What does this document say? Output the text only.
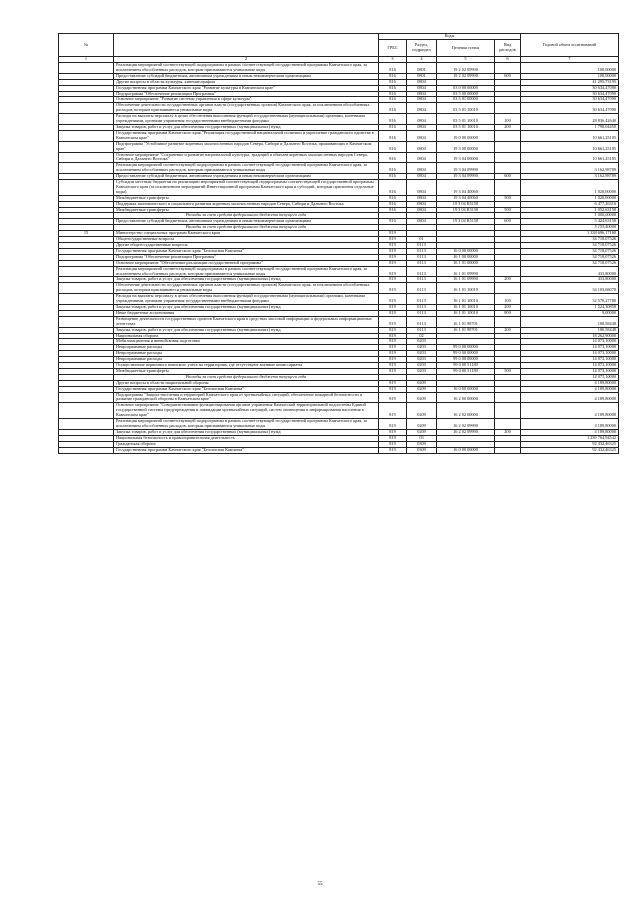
№		Коды				Годовой объем ассигнований
		ГРБС	Раздел, подраздел	Целевая статья	Вид расходов	
1	2	3	4	5	6	7
	Реализация мероприятий соответствующей подпрограммы в рамках соответствующей государственной программы Камчатского края, за исключением обособленных расходов, которым присваиваются уникальные коды	816	0801	19 2 02 09990		100,00000
	Предоставление субсидий бюджетным, автономным учреждениям и иным некоммерческим организациям	816	0801	19 2 02 09990	600	100,00000
	Другие вопросы в области культуры, кинематографии	816	0804			41 295,73195
	Государственная программа Камчатского края "Развитие культуры в Камчатском крае"	816	0804	03 0 00 00000		30 634,47090
	Подпрограмма "Обеспечение реализации Программы"	816	0804	03 5 00 00000		30 634,47090
	Основное мероприятие "Развитие системы управления в сфере культуры"	816	0804	03 5 01 00000		30 634,47090
	Обеспечение деятельности государственных органов власти (государственных органов) Камчатского края, за исключением обособленных расходов, которым присваиваются уникальные коды	816	0804	03 5 01 10010		30 634,47090
	Расходы на выплаты персоналу в целях обеспечения выполнения функций государственными (муниципальными) органами, казенными учреждениями, органами управления государственными внебюджетными фондами	816	0804	03 5 01 10010	100	28 836,42640
	Закупка товаров, работ и услуг для обеспечения государственных (муниципальных) нужд	816	0804	03 5 01 10010	200	1 798,04450
	Государственная программа Камчатского края "Реализация государственной национальной политики и укрепление гражданского единства в Камчатском крае"	816	0804	19 0 00 00000		10 661,25105
	Подпрограмма "Устойчивое развитие коренных малочисленных народов Севера, Сибири и Дальнего Востока, проживающих в Камчатском крае"	816	0804	19 3 00 00000		10 661,25105
	Основное мероприятие "Сохранение и развитие национальной культуры, традиций и обычаев коренных малочисленных народов Севера, Сибири и Дальнего Востока"	816	0804	19 3 04 00000		10 661,25105
	Реализация мероприятий соответствующей подпрограммы в рамках соответствующей государственной программы Камчатского края, за исключением обособленных расходов, которым присваиваются уникальные коды	816	0804	19 3 04 09990		3 162,98789
	Предоставление субсидий бюджетным, автономным учреждениям и иным некоммерческим организациям	816	0804	19 3 04 09990	600	3 162,98789
	Субсидии местным бюджетам на реализацию мероприятий соответствующей подпрограммы соответствующей государственной программы Камчатского края (за исключением мероприятий Инвестиционной программы Камчатского края и субсидий, которым присвоены отдельные коды)	816	0804	19 3 04 40060		1 020,00000
	Межбюджетные трансферты	816	0804	19 3 04 40060	500	1 020,00000
	Поддержка экономического и социального развития коренных малочисленных народов Севера, Сибири и Дальнего Востока	816	0804	19 3 04 R5150		6 477,26316
	Межбюджетные трансферты	816	0804	19 3 04 R5150	500	1 052,63158
	Расходы за счет средств федерального бюджета текущего года					1 000,00000
	Предоставление субсидий бюджетным, автономным учреждениям и иным некоммерческим организациям	816	0804	19 3 04 R5150	600	5 424,63158
	Расходы за счет средств федерального бюджета текущего года					5 153,40000
15	Министерство специальных программ Камчатского края	819				1 338 696,17168
	Общегосударственные вопросы	819	01			34 718,07526
	Другие общегосударственные вопросы	819	0113			34 718,07526
	Государственная программа Камчатского края "Безопасная Камчатка"	819	0113	16 0 00 00000		34 718,07526
	Подпрограмма "Обеспечение реализации Программы"	819	0113	16 1 00 00000		34 718,07526
	Основное мероприятие "Обеспечение реализации государственной программы"	819	0113	16 1 01 00000		34 718,07526
	Реализация мероприятий соответствующей подпрограммы в рамках соответствующей государственной программы Камчатского края, за исключением обособленных расходов, которым присваиваются уникальные коды	819	0113	16 1 01 09990		433,80000
	Закупка товаров, работ и услуг для обеспечения государственных (муниципальных) нужд	819	0113	16 1 01 09990	200	433,80000
	Обеспечение деятельности государственных органов власти (государственных органов) Камчатского края, за исключением обособленных расходов, которым присваиваются уникальные коды	819	0113	16 1 01 10010		34 103,68078
	Расходы на выплаты персоналу в целях обеспечения выполнения функций государственными (муниципальными) органами, казенными учреждениями, органами управления государственными внебюджетными фондами	819	0113	16 1 01 10010	100	32 570,27780
	Закупка товаров, работ и услуг для обеспечения государственных (муниципальных) нужд	819	0113	16 1 01 10010	200	1 524,30858
	Иные бюджетные ассигнования	819	0113	16 1 01 10010	800	9,00000
	Размещение деятельности государственных органов Камчатского края в средствах массовой информации и федеральных информационных агентствах	819	0113	16 1 01 98701		180,58448
	Закупка товаров, работ и услуг для обеспечения государственных (муниципальных) нужд	819	0113	16 1 01 98701	200	180,58448
	Национальная оборона	819	02			18 262,90000
	Мобилизационная и вневойсковая подготовка	819	0203			14 073,10000
	Непрограммные расходы	819	0203	99 0 00 00000		14 073,10000
	Непрограммные расходы	819	0203	99 0 00 00000		14 073,10000
	Непрограммные расходы	819	0203	99 0 00 00000		14 073,10000
	Осуществление первичного воинского учета на территориях, где отсутствуют военные комиссариаты	819	0203	99 0 00 51180		14 073,10000
	Межбюджетные трансферты	819	0203	99 0 00 51180	500	14 073,10000
	Расходы за счет средств федерального бюджета текущего года					14 073,10000
	Другие вопросы в области национальной обороны	819	0209			4 189,80000
	Государственная программа Камчатского края "Безопасная Камчатка"	819	0209	16 0 00 00000		4 189,80000
	Подпрограмма "Защита населения и территорий Камчатского края от чрезвычайных ситуаций, обеспечение пожарной безопасности и развитие гражданской обороны в Камчатском крае"	819	0209	16 2 00 00000		4 189,80000
	Основное мероприятие "Совершенствование функционирования органов управления Камчатской территориальной подсистемы Единой государственной системы предупреждения и ликвидации чрезвычайных ситуаций, систем оповещения и информирования населения в Камчатском крае"	819	0209	16 2 02 00000		4 189,80000
	Реализация мероприятий соответствующей подпрограммы в рамках соответствующей государственной программы Камчатского края, за исключением обособленных расходов, которым присваиваются уникальные коды	819	0209	16 2 02 09990		4 189,80000
	Закупка товаров, работ и услуг для обеспечения государственных (муниципальных) нужд	819	0209	16 2 02 09990	200	4 189,80000
	Национальная безопасность и правоохранительная деятельность	819	03			1 239 764,94542
	Гражданская оборона	819	0309			92 432,46325
	Государственная программа Камчатского края "Безопасная Камчатка"	819	0309	16 0 00 00000		92 432,46325
55
